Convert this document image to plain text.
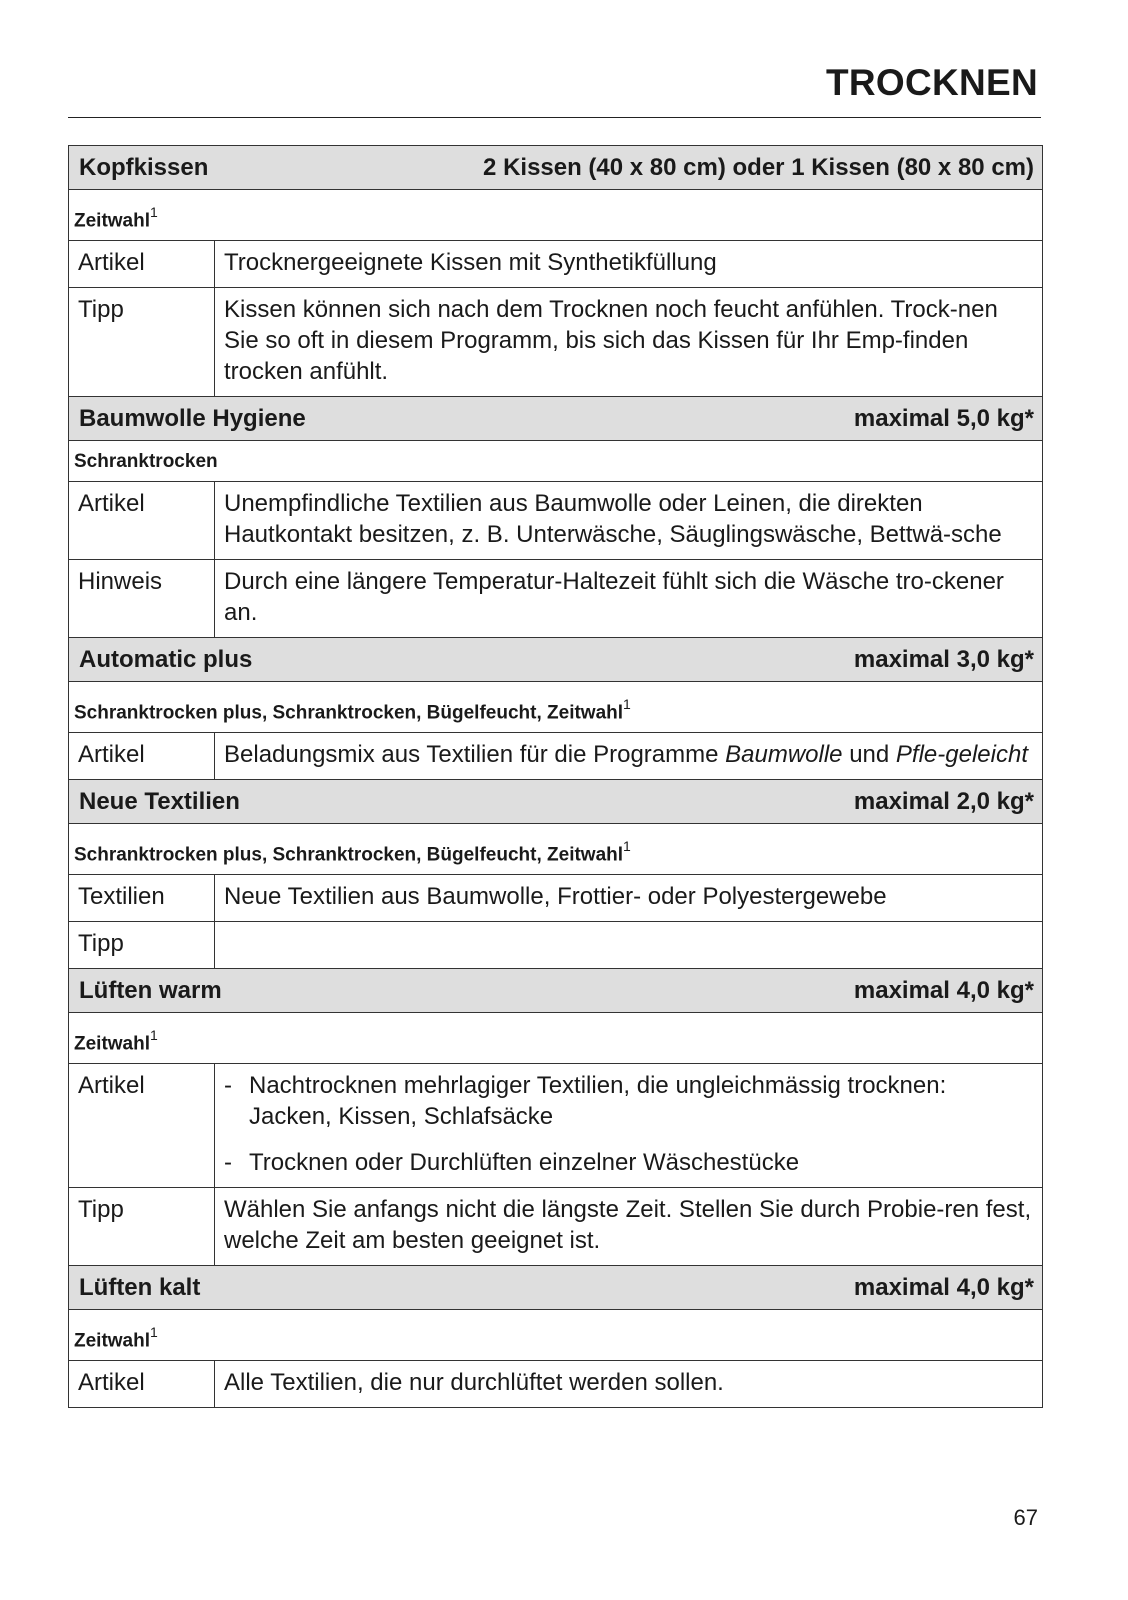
TROCKNEN
Kopfkissen 2 Kissen (40 x 80 cm) oder 1 Kissen (80 x 80 cm)	

Zeitwahl$^1$

Artikel	Trocknergeeignete Kissen mit Synthetikfüllung
Tipp	Kissen können sich nach dem Trocknen noch feucht anfühlen. Trock-nen Sie so oft in diesem Programm, bis sich das Kissen für Ihr Emp-finden trocken anfühlt.

Baumwolle Hygiene maximal 5,0 kg*	

Schranktrocken	

Artikel	Unempfindliche Textilien aus Baumwolle oder Leinen, die direkten Hautkontakt besitzen, z. B. Unterwäsche, Säuglingswäsche, Bettwä-sche
Hinweis	Durch eine längere Temperatur-Haltezeit fühlt sich die Wäsche tro-ckener an.

Automatic plus maximal 3,0 kg*	

Schranktrocken plus, Schranktrocken, Bügelfeucht, Zeitwahl$^1$

Artikel	Beladungsmix aus Textilien für die Programme Baumwolle und Pfle-geleicht

Neue Textilien maximal 2,0 kg*	

Schranktrocken plus, Schranktrocken, Bügelfeucht, Zeitwahl$^1$

Textilien	Neue Textilien aus Baumwolle, Frottier- oder Polyestergewebe
Tipp	

Lüften warm maximal 4,0 kg*	

Zeitwahl$^1$

Artikel	- Nachtrocknen mehrlagiger Textilien, die ungleichmässig trocknen: Jacken, Kissen, Schlafsäcke
- Trocknen oder Durchlüften einzelner Wäschestücke

Tipp	Wählen Sie anfangs nicht die längste Zeit. Stellen Sie durch Probie-ren fest, welche Zeit am besten geeignet ist.

Lüften kalt maximal 4,0 kg*	

Zeitwahl$^1$

Artikel	Alle Textilien, die nur durchlüftet werden sollen.
67
